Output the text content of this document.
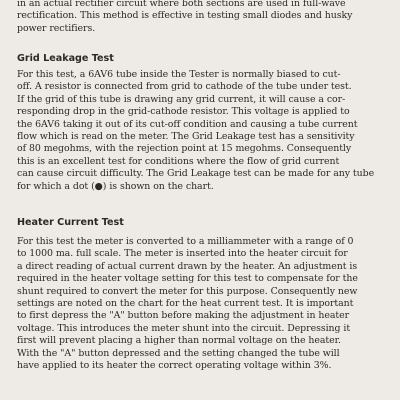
in an actual rectifier circuit where both sections are used in full-wave
rectification. This method is effective in testing small diodes and husky
power rectifiers.

Grid Leakage Test

For this test, a 6AV6 tube inside the Tester is normally biased to cut-
off. A resistor is connected from grid to cathode of the tube under test.
If the grid of this tube is drawing any grid current, it will cause a cor-
responding drop in the grid-cathode resistor. This voltage is applied to
the 6AV6 taking it out of its cut-off condition and causing a tube current
flow which is read on the meter. The Grid Leakage test has a sensitivity
of 80 megohms, with the rejection point at 15 megohms. Consequently
this is an excellent test for conditions where the flow of grid current
can cause circuit difficulty. The Grid Leakage test can be made for any tube
for which a dot (●) is shown on the chart.

Heater Current Test

For this test the meter is converted to a milliammeter with a range of 0
to 1000 ma. full scale. The meter is inserted into the heater circuit for
a direct reading of actual current drawn by the heater. An adjustment is
required in the heater voltage setting for this test to compensate for the
shunt required to convert the meter for this purpose. Consequently new
settings are noted on the chart for the heat current test. It is important
to first depress the "A" button before making the adjustment in heater
voltage. This introduces the meter shunt into the circuit. Depressing it
first will prevent placing a higher than normal voltage on the heater.
With the "A" button depressed and the setting changed the tube will
have applied to its heater the correct operating voltage within 3%.
